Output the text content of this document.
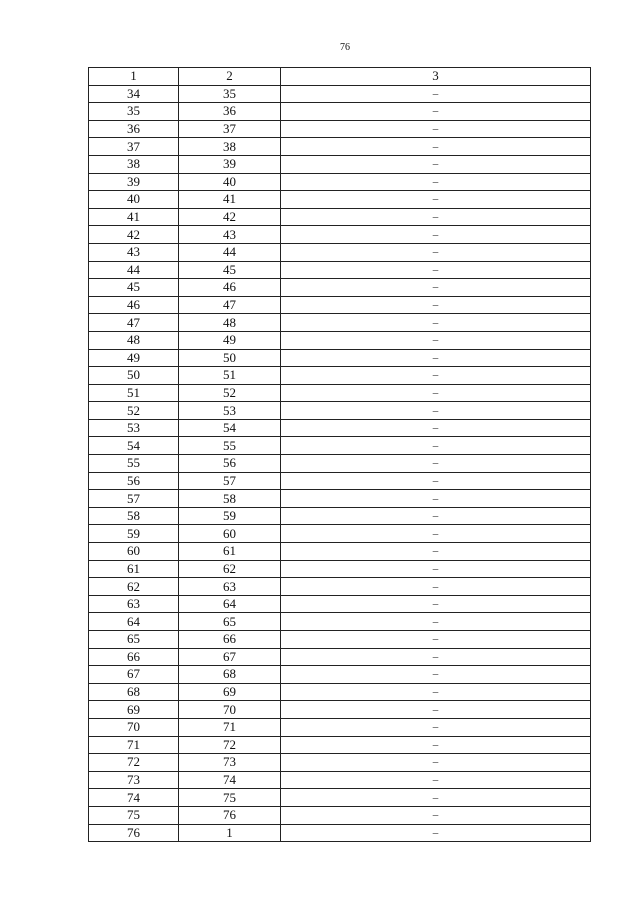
76
1	2	3
34	35	–
35	36	–
36	37	–
37	38	–
38	39	–
39	40	–
40	41	–
41	42	–
42	43	–
43	44	–
44	45	–
45	46	–
46	47	–
47	48	–
48	49	–
49	50	–
50	51	–
51	52	–
52	53	–
53	54	–
54	55	–
55	56	–
56	57	–
57	58	–
58	59	–
59	60	–
60	61	–
61	62	–
62	63	–
63	64	–
64	65	–
65	66	–
66	67	–
67	68	–
68	69	–
69	70	–
70	71	–
71	72	–
72	73	–
73	74	–
74	75	–
75	76	–
76	1	–
